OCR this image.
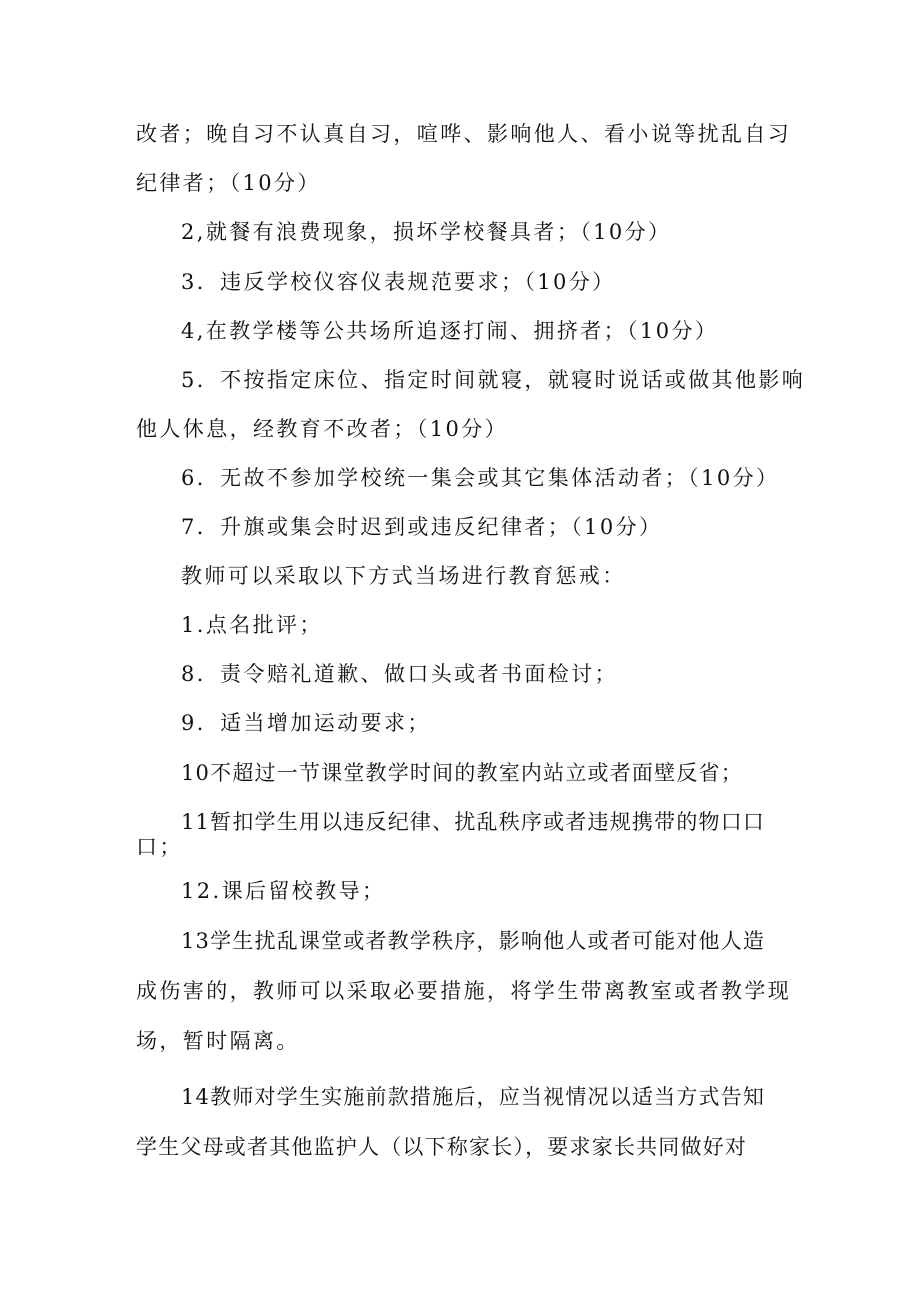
改者；晚自习不认真自习，喧哗、影响他人、看小说等扰乱自习
纪律者；（10分）
2,就餐有浪费现象，损坏学校餐具者；（10分）
3．违反学校仪容仪表规范要求；（10分）
4,在教学楼等公共场所追逐打闹、拥挤者；（10分）
5．不按指定床位、指定时间就寝，就寝时说话或做其他影响
他人休息，经教育不改者；（10分）
6．无故不参加学校统一集会或其它集体活动者；（10分）
7．升旗或集会时迟到或违反纪律者；（10分）
教师可以采取以下方式当场进行教育惩戒：
1.点名批评；
8．责令赔礼道歉、做口头或者书面检讨；
9．适当增加运动要求；
10不超过一节课堂教学时间的教室内站立或者面壁反省；
11暂扣学生用以违反纪律、扰乱秩序或者违规携带的物口口
口；
12.课后留校教导；
13学生扰乱课堂或者教学秩序，影响他人或者可能对他人造
成伤害的，教师可以采取必要措施，将学生带离教室或者教学现
场，暂时隔离。
14教师对学生实施前款措施后，应当视情况以适当方式告知
学生父母或者其他监护人（以下称家长），要求家长共同做好对
